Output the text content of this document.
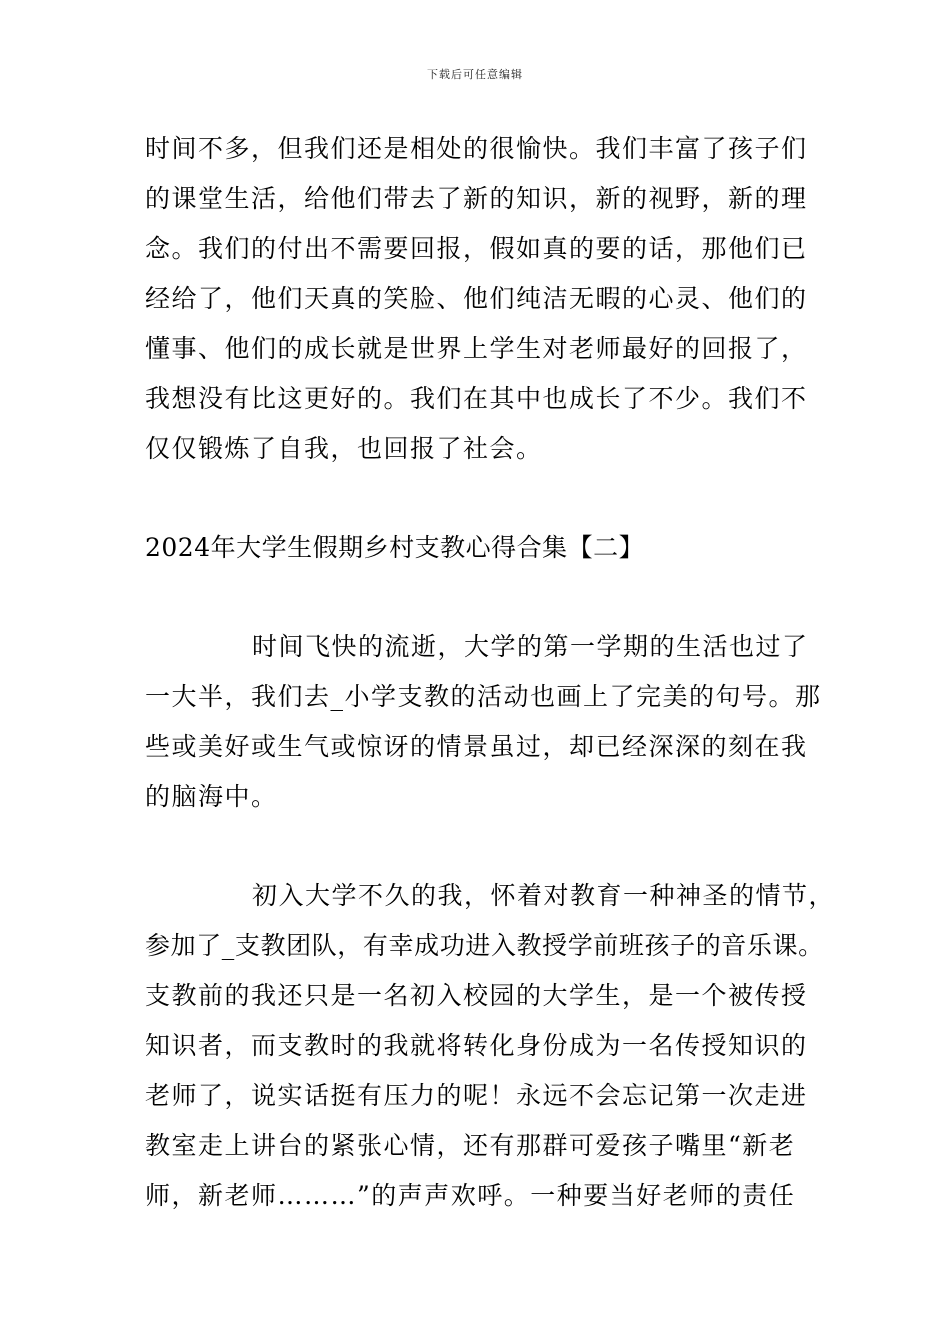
下载后可任意编辑
时间不多，但我们还是相处的很愉快。我们丰富了孩子们
的课堂生活，给他们带去了新的知识，新的视野，新的理
念。我们的付出不需要回报，假如真的要的话，那他们已
经给了，他们天真的笑脸、他们纯洁无暇的心灵、他们的
懂事、他们的成长就是世界上学生对老师最好的回报了，
我想没有比这更好的。我们在其中也成长了不少。我们不
仅仅锻炼了自我，也回报了社会。
2024年大学生假期乡村支教心得合集【二】
时间飞快的流逝，大学的第一学期的生活也过了
一大半，我们去_小学支教的活动也画上了完美的句号。那
些或美好或生气或惊讶的情景虽过，却已经深深的刻在我
的脑海中。
初入大学不久的我，怀着对教育一种神圣的情节，
参加了_支教团队，有幸成功进入教授学前班孩子的音乐课。
支教前的我还只是一名初入校园的大学生，是一个被传授
知识者，而支教时的我就将转化身份成为一名传授知识的
老师了，说实话挺有压力的呢！永远不会忘记第一次走进
教室走上讲台的紧张心情，还有那群可爱孩子嘴里“新老
师，新老师………”的声声欢呼。一种要当好老师的责任
